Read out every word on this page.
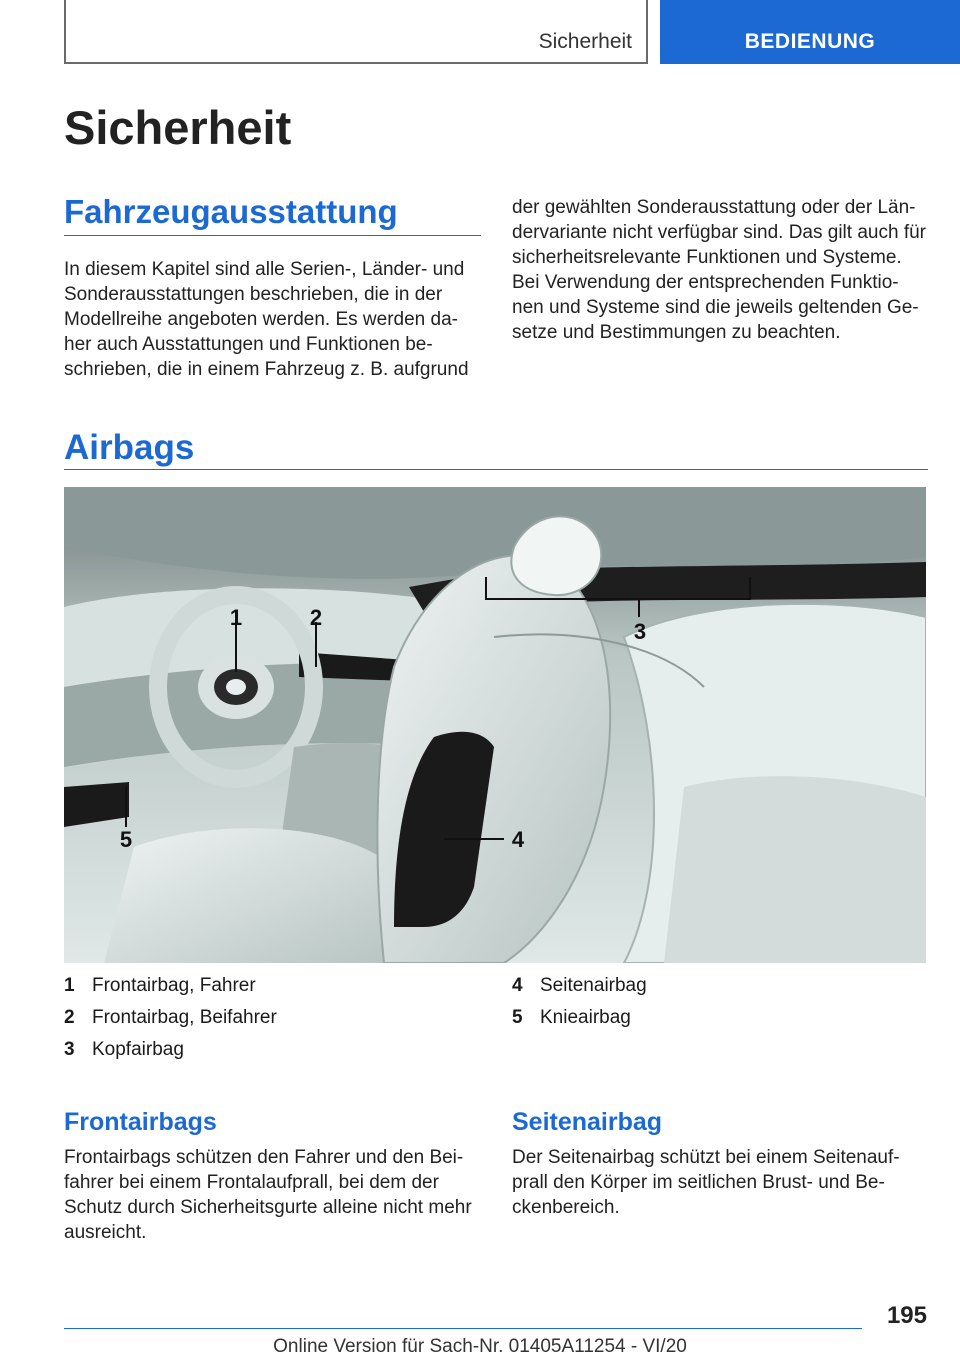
Sicherheit	BEDIENUNG
Sicherheit
Fahrzeugausstattung
In diesem Kapitel sind alle Serien-, Länder- und
Sonderausstattungen beschrieben, die in der
Modellreihe angeboten werden. Es werden da-
her auch Ausstattungen und Funktionen be-
schrieben, die in einem Fahrzeug z. B. aufgrund
der gewählten Sonderausstattung oder der Län-
dervariante nicht verfügbar sind. Das gilt auch für
sicherheitsrelevante Funktionen und Systeme.
Bei Verwendung der entsprechenden Funktio-
nen und Systeme sind die jeweils geltenden Ge-
setze und Bestimmungen zu beachten.
Airbags
1	2
3
4
5
1 Frontairbag, Fahrer
2 Frontairbag, Beifahrer
3 Kopfairbag
4 Seitenairbag
5 Knieairbag
Frontairbags
Frontairbags schützen den Fahrer und den Bei-
fahrer bei einem Frontalaufprall, bei dem der
Schutz durch Sicherheitsgurte alleine nicht mehr
ausreicht.
Seitenairbag
Der Seitenairbag schützt bei einem Seitenauf-
prall den Körper im seitlichen Brust- und Be-
ckenbereich.
195
Online Version für Sach-Nr. 01405A11254 - VI/20
